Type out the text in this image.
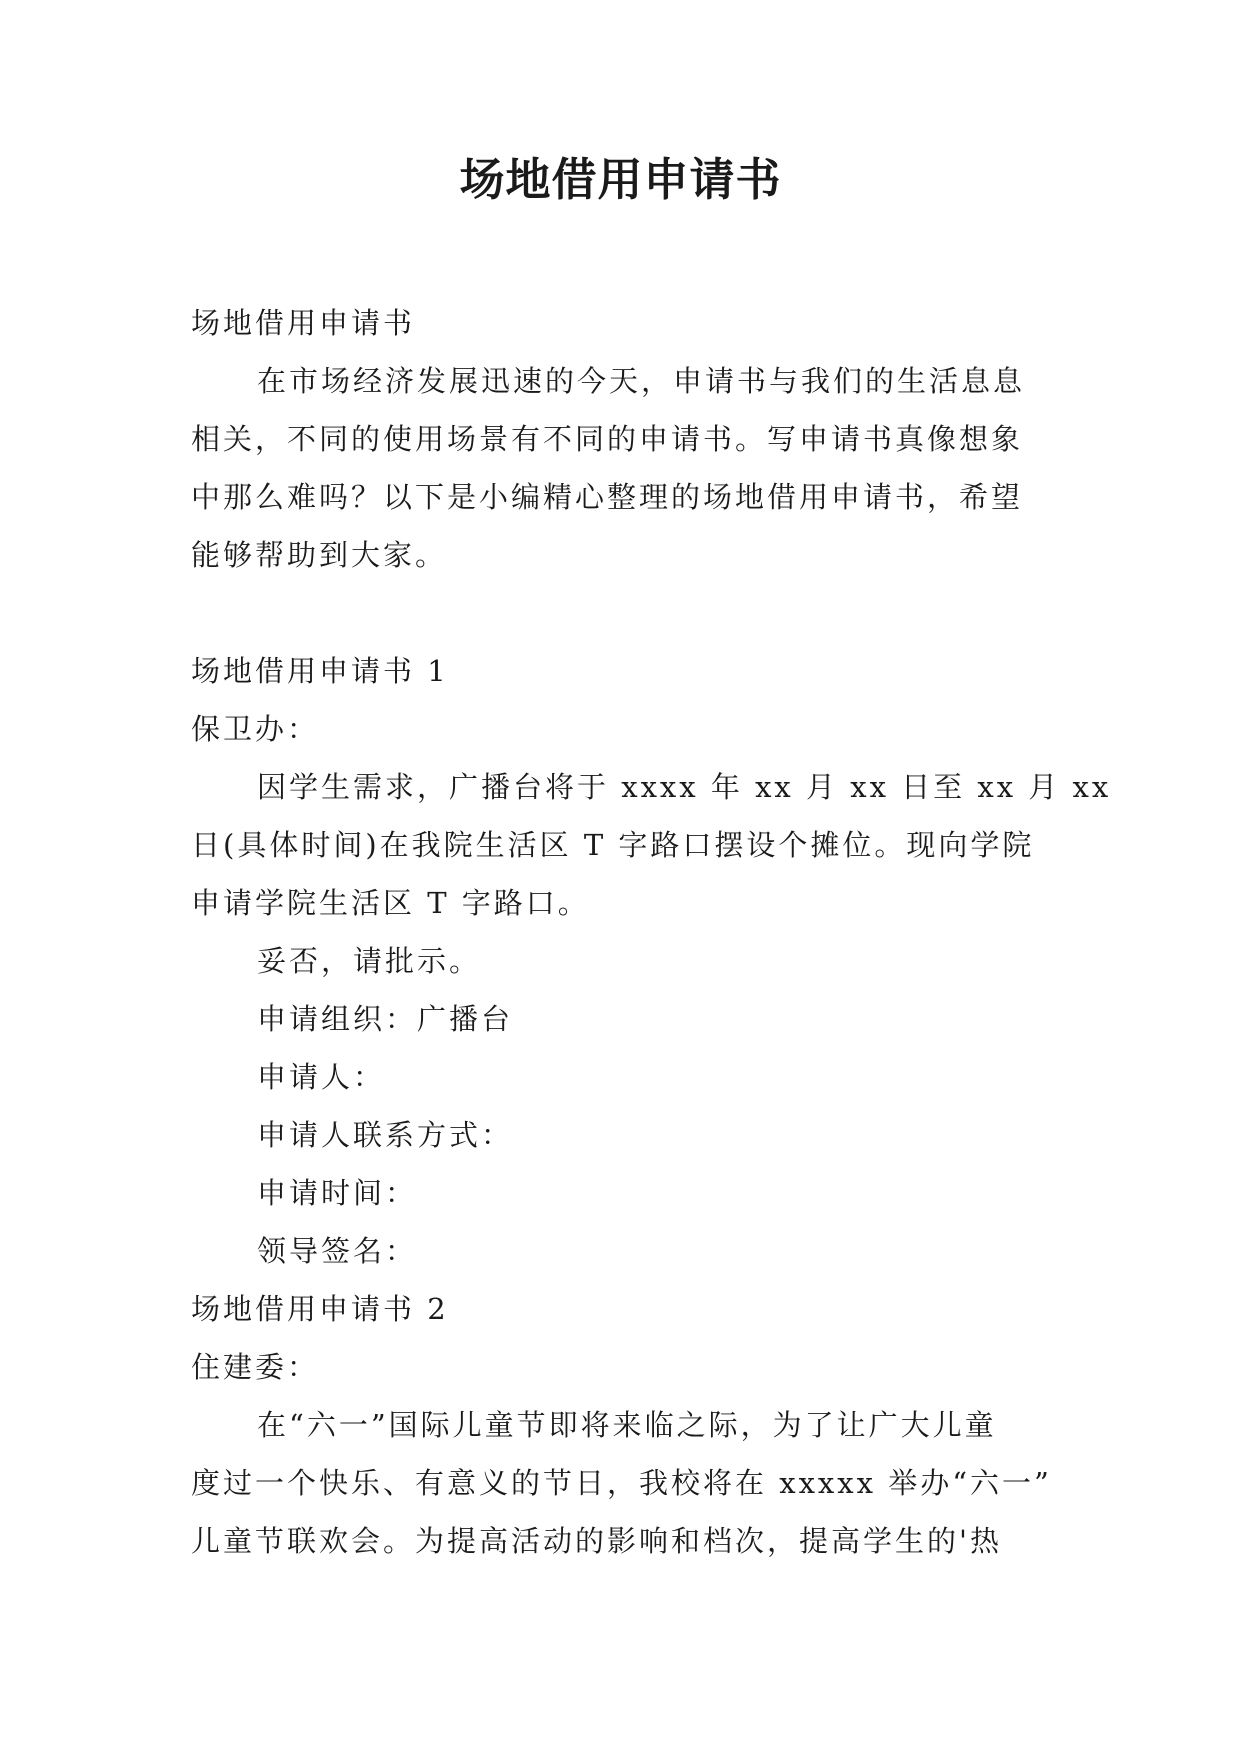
场地借用申请书
场地借用申请书
在市场经济发展迅速的今天，申请书与我们的生活息息
相关，不同的使用场景有不同的申请书。写申请书真像想象
中那么难吗？以下是小编精心整理的场地借用申请书，希望
能够帮助到大家。
场地借用申请书 1
保卫办：
因学生需求，广播台将于 xxxx 年 xx 月 xx 日至 xx 月 xx
日(具体时间)在我院生活区 T 字路口摆设个摊位。现向学院
申请学院生活区 T 字路口。
妥否，请批示。
申请组织：广播台
申请人：
申请人联系方式：
申请时间：
领导签名：
场地借用申请书 2
住建委：
在“六一”国际儿童节即将来临之际，为了让广大儿童
度过一个快乐、有意义的节日，我校将在 xxxxx 举办“六一”
儿童节联欢会。为提高活动的影响和档次，提高学生的'热
